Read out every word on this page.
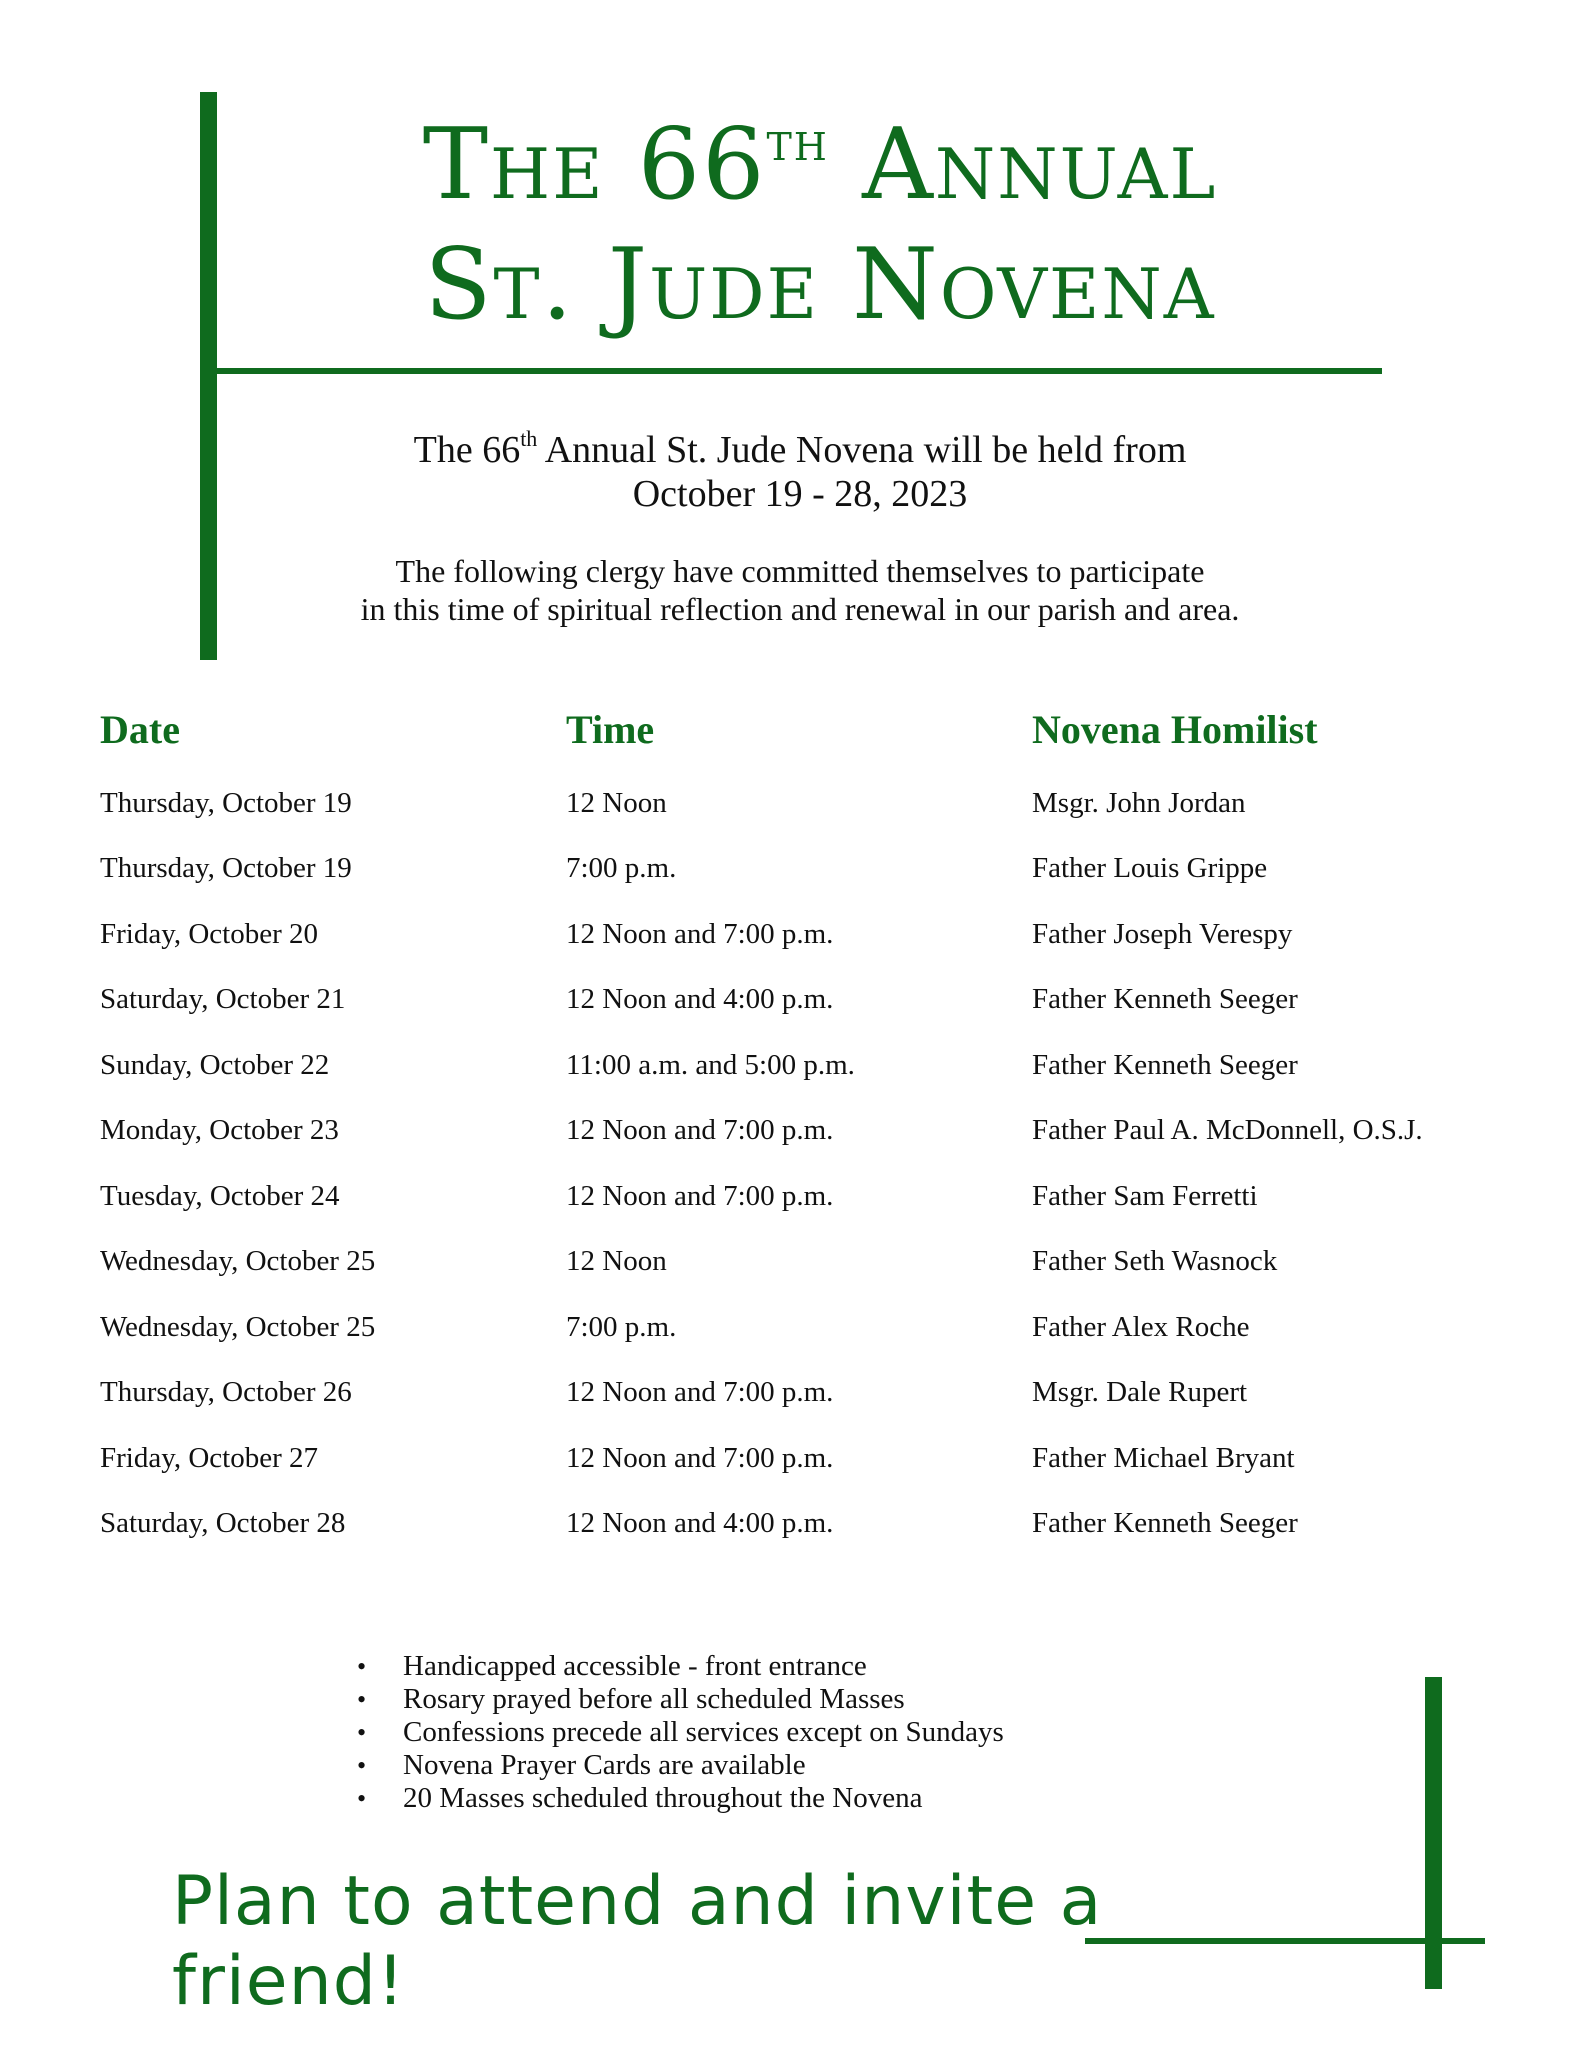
The 66th Annual
St. Jude Novena
The 66th Annual St. Jude Novena will be held from
October 19 - 28, 2023
The following clergy have committed themselves to participate
in this time of spiritual reflection and renewal in our parish and area.
Date	Time	Novena Homilist
Thursday, October 19	12 Noon	Msgr. John Jordan
Thursday, October 19	7:00 p.m.	Father Louis Grippe
Friday, October 20	12 Noon and 7:00 p.m.	Father Joseph Verespy
Saturday, October 21	12 Noon and 4:00 p.m.	Father Kenneth Seeger
Sunday, October 22	11:00 a.m. and 5:00 p.m.	Father Kenneth Seeger
Monday, October 23	12 Noon and 7:00 p.m.	Father Paul A. McDonnell, O.S.J.
Tuesday, October 24	12 Noon and 7:00 p.m.	Father Sam Ferretti
Wednesday, October 25	12 Noon	Father Seth Wasnock
Wednesday, October 25	7:00 p.m.	Father Alex Roche
Thursday, October 26	12 Noon and 7:00 p.m.	Msgr. Dale Rupert
Friday, October 27	12 Noon and 7:00 p.m.	Father Michael Bryant
Saturday, October 28	12 Noon and 4:00 p.m.	Father Kenneth Seeger
• Handicapped accessible - front entrance
• Rosary prayed before all scheduled Masses
• Confessions precede all services except on Sundays
• Novena Prayer Cards are available
• 20 Masses scheduled throughout the Novena
Plan to attend and invite a friend!
